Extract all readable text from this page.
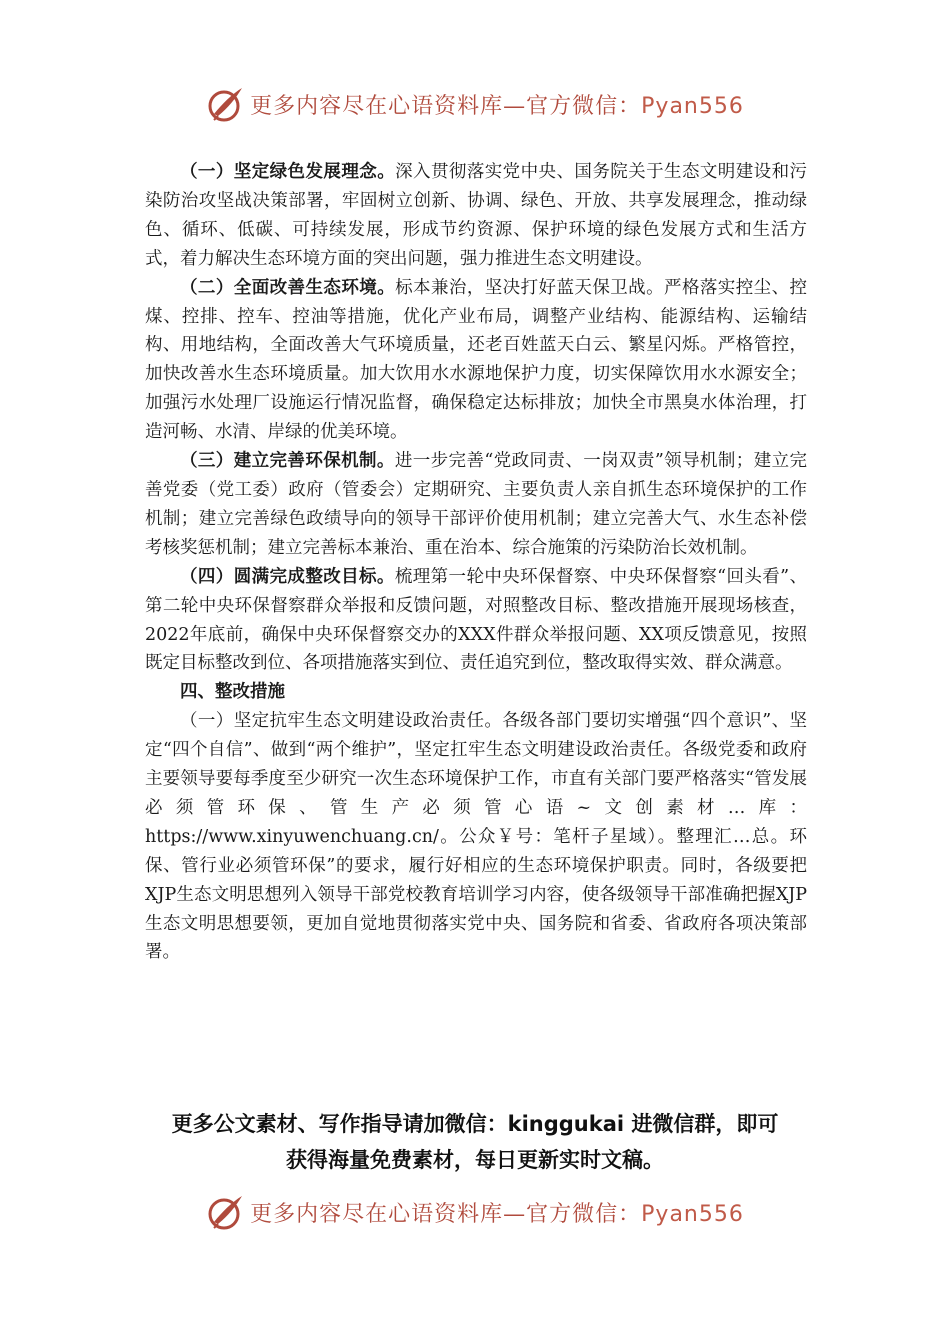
更多内容尽在心语资料库—官方微信：Pyan556

（一）坚定绿色发展理念。深入贯彻落实党中央、国务院关于生态文明建设和污染防治攻坚战决策部署，牢固树立创新、协调、绿色、开放、共享发展理念，推动绿色、循环、低碳、可持续发展，形成节约资源、保护环境的绿色发展方式和生活方式，着力解决生态环境方面的突出问题，强力推进生态文明建设。

（二）全面改善生态环境。标本兼治，坚决打好蓝天保卫战。严格落实控尘、控煤、控排、控车、控油等措施，优化产业布局，调整产业结构、能源结构、运输结构、用地结构，全面改善大气环境质量，还老百姓蓝天白云、繁星闪烁。严格管控，加快改善水生态环境质量。加大饮用水水源地保护力度，切实保障饮用水水源安全；加强污水处理厂设施运行情况监督，确保稳定达标排放；加快全市黑臭水体治理，打造河畅、水清、岸绿的优美环境。

（三）建立完善环保机制。进一步完善“党政同责、一岗双责”领导机制；建立完善党委（党工委）政府（管委会）定期研究、主要负责人亲自抓生态环境保护的工作机制；建立完善绿色政绩导向的领导干部评价使用机制；建立完善大气、水生态补偿考核奖惩机制；建立完善标本兼治、重在治本、综合施策的污染防治长效机制。

（四）圆满完成整改目标。梳理第一轮中央环保督察、中央环保督察“回头看”、第二轮中央环保督察群众举报和反馈问题，对照整改目标、整改措施开展现场核查，2022年底前，确保中央环保督察交办的XXX件群众举报问题、XX项反馈意见，按照既定目标整改到位、各项措施落实到位、责任追究到位，整改取得实效、群众满意。

四、整改措施

（一）坚定抗牢生态文明建设政治责任。各级各部门要切实增强“四个意识”、坚定“四个自信”、做到“两个维护”，坚定扛牢生态文明建设政治责任。各级党委和政府主要领导要每季度至少研究一次生态环境保护工作，市直有关部门要严格落实“管发展必须管环保、管生产必须管心语~文创素材…库：https://www.xinyuwenchuang.cn/。公众￥号：笔杆子星域）。整理汇…总。环保、管行业必须管环保”的要求，履行好相应的生态环境保护职责。同时，各级要把XJP生态文明思想列入领导干部党校教育培训学习内容，使各级领导干部准确把握XJP生态文明思想要领，更加自觉地贯彻落实党中央、国务院和省委、省政府各项决策部署。

更多公文素材、写作指导请加微信：kinggukai 进微信群，即可
获得海量免费素材，每日更新实时文稿。
更多内容尽在心语资料库—官方微信：Pyan556
